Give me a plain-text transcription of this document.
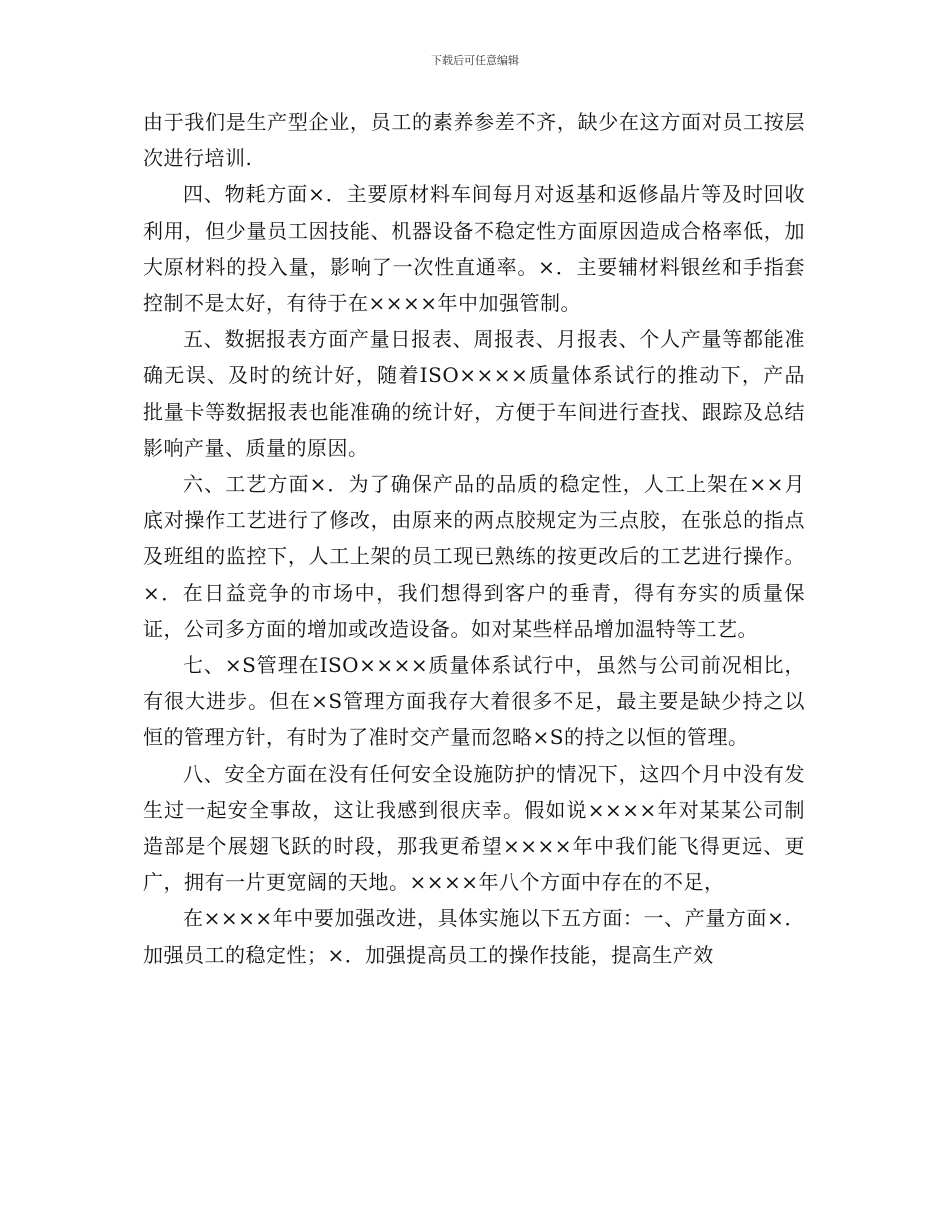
下载后可任意编辑

由于我们是生产型企业，员工的素养参差不齐，缺少在这方面对员工按层次进行培训.

四、物耗方面×．主要原材料车间每月对返基和返修晶片等及时回收利用，但少量员工因技能、机器设备不稳定性方面原因造成合格率低，加大原材料的投入量，影响了一次性直通率。×．主要辅材料银丝和手指套控制不是太好，有待于在××××年中加强管制。

五、数据报表方面产量日报表、周报表、月报表、个人产量等都能准确无误、及时的统计好，随着ISO××××质量体系试行的推动下，产品批量卡等数据报表也能准确的统计好，方便于车间进行查找、跟踪及总结影响产量、质量的原因。

六、工艺方面×．为了确保产品的品质的稳定性，人工上架在××月底对操作工艺进行了修改，由原来的两点胶规定为三点胶，在张总的指点及班组的监控下，人工上架的员工现已熟练的按更改后的工艺进行操作。×．在日益竞争的市场中，我们想得到客户的垂青，得有夯实的质量保证，公司多方面的增加或改造设备。如对某些样品增加温特等工艺。

七、×S管理在ISO××××质量体系试行中，虽然与公司前况相比，有很大进步。但在×S管理方面我存大着很多不足，最主要是缺少持之以恒的管理方针，有时为了准时交产量而忽略×S的持之以恒的管理。

八、安全方面在没有任何安全设施防护的情况下，这四个月中没有发生过一起安全事故，这让我感到很庆幸。假如说××××年对某某公司制造部是个展翅飞跃的时段，那我更希望××××年中我们能飞得更远、更广，拥有一片更宽阔的天地。××××年八个方面中存在的不足，

在××××年中要加强改进，具体实施以下五方面：一、产量方面×．加强员工的稳定性；×．加强提高员工的操作技能，提高生产效
